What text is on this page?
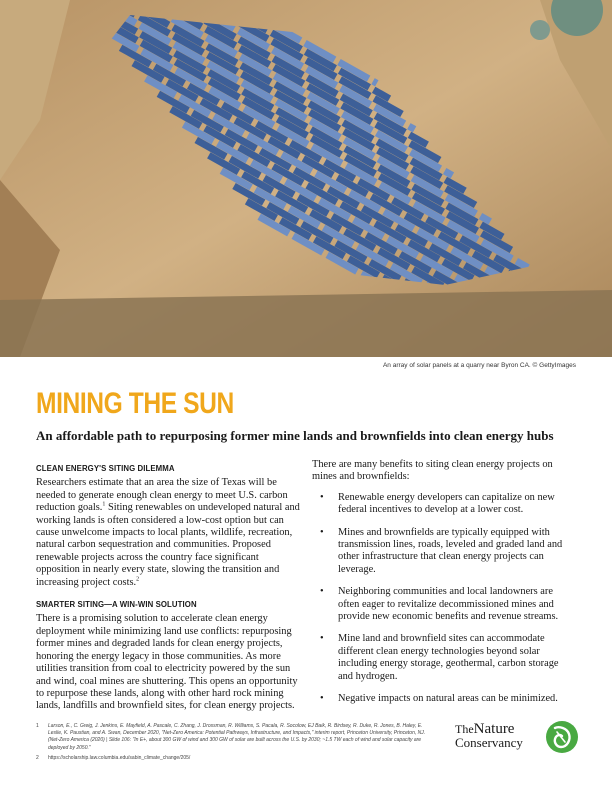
An array of solar panels at a quarry near Byron CA. © GettyImages
MINING THE SUN
An affordable path to repurposing former mine lands and brownfields into clean energy hubs
CLEAN ENERGY'S SITING DILEMMA

Researchers estimate that an area the size of Texas will be needed to generate enough clean energy to meet U.S. carbon reduction goals.$^1$ Siting renewables on undeveloped natural and working lands is often considered a low-cost option but can cause unwelcome impacts to local plants, wildlife, recreation, natural carbon sequestration and communities. Proposed renewable projects across the country face significant opposition in nearly every state, slowing the transition and increasing project costs.$^2$

SMARTER SITING—A WIN-WIN SOLUTION

There is a promising solution to accelerate clean energy deployment while minimizing land use conflicts: repurposing former mines and degraded lands for clean energy projects, honoring the energy legacy in those communities. As more utilities transition from coal to electricity powered by the sun and wind, coal mines are shuttering. This opens an opportunity to repurpose these lands, along with other hard rock mining lands, landfills and brownfield sites, for clean energy projects.

There are many benefits to siting clean energy projects on mines and brownfields:

• Renewable energy developers can capitalize on new federal incentives to develop at a lower cost.
• Mines and brownfields are typically equipped with transmission lines, roads, leveled and graded land and other infrastructure that clean energy projects can leverage.
• Neighboring communities and local landowners are often eager to revitalize decommissioned mines and provide new economic benefits and revenue streams.
• Mine land and brownfield sites can accommodate different clean energy technologies beyond solar including energy storage, geothermal, carbon storage and hydrogen.
• Negative impacts on natural areas can be minimized.
1 Larson, E., C. Greig, J. Jenkins, E. Mayfield, A. Pascale, C. Zhang, J. Drossman, R. Williams, S. Pacala, R. Socolow, EJ Baik, R. Birdsey, R. Duke, R. Jones, B. Haley, E. Leslie, K. Paustian, and A. Swan, December 2020, "Net-Zero America: Potential Pathways, Infrastructure, and Impacts," interim report, Princeton University, Princeton, NJ. (Net-Zero America (2020) | Slide 106: "In E+, about 300 GW of wind and 300 GW of solar are built across the U.S. by 2030; ~1.5 TW each of wind and solar capacity are deployed by 2050."
2 https://scholarship.law.columbia.edu/sabin_climate_change/205/
TheNature
Conservancy
